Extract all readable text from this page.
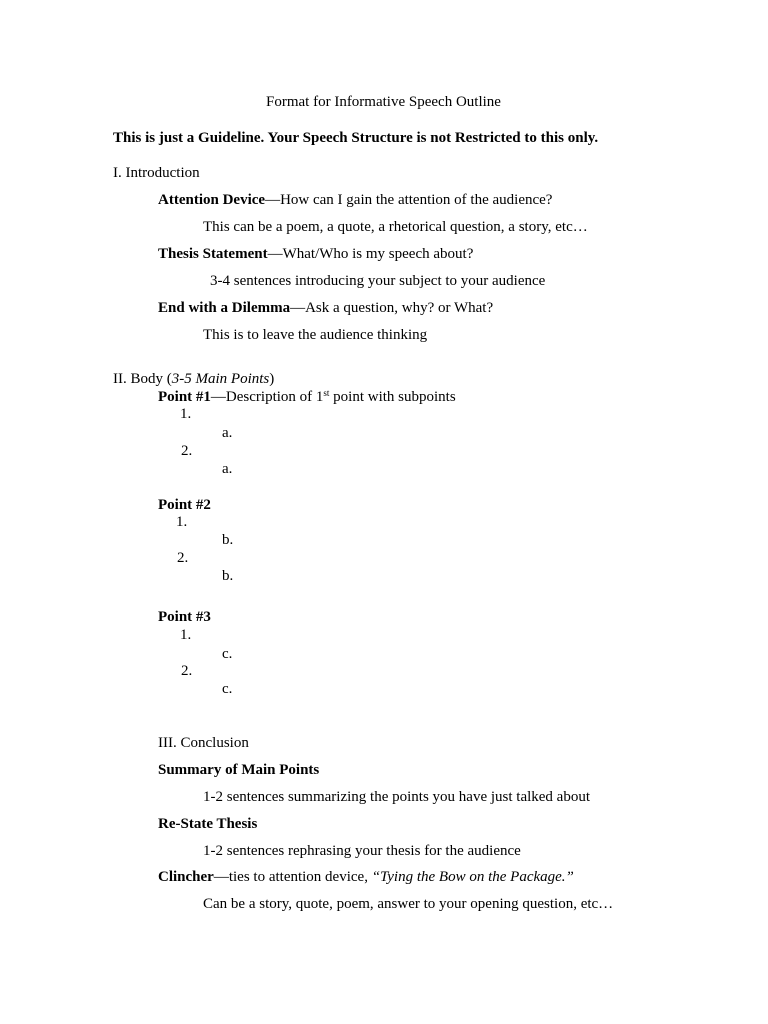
Format for Informative Speech Outline
This is just a Guideline. Your Speech Structure is not Restricted to this only.
I. Introduction
Attention Device—How can I gain the attention of the audience?
This can be a poem, a quote, a rhetorical question, a story, etc…
Thesis Statement—What/Who is my speech about?
3-4 sentences introducing your subject to your audience
End with a Dilemma—Ask a question, why? or What?
This is to leave the audience thinking
II. Body (3-5 Main Points)
Point #1—Description of 1st point with subpoints
1.
a.
2.
a.
Point #2
1.
b.
2.
b.
Point #3
1.
c.
2.
c.
III. Conclusion
Summary of Main Points
1-2 sentences summarizing the points you have just talked about
Re-State Thesis
1-2 sentences rephrasing your thesis for the audience
Clincher—ties to attention device, “Tying the Bow on the Package.”
Can be a story, quote, poem, answer to your opening question, etc…
